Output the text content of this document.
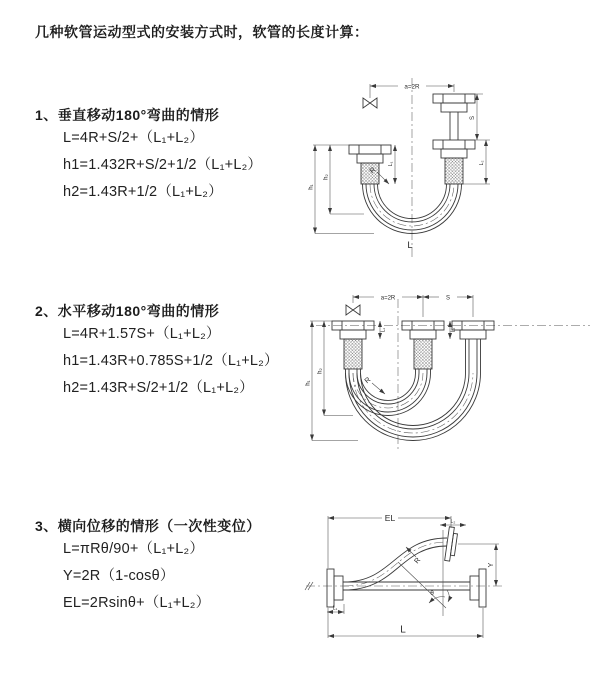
几种软管运动型式的安装方式时，软管的长度计算：
1、垂直移动180°弯曲的情形
L=4R+S/2+（L₁+L₂）
h1=1.432R+S/2+1/2（L₁+L₂）
h2=1.43R+1/2（L₁+L₂）
2、水平移动180°弯曲的情形
L=4R+1.57S+（L₁+L₂）
h1=1.43R+0.785S+1/2（L₁+L₂）
h2=1.43R+S/2+1/2（L₁+L₂）
3、横向位移的情形（一次性变位）
L=πRθ/90+（L₁+L₂）
Y=2R（1-cosθ）
EL=2Rsinθ+（L₁+L₂）
a=2R
h₁
h₂
L₁
S
L₂
R
L
a=2R	S
h₁
h₂
L₁	L₂
R
EL	L₂
Y
L
L₁
R
θ
